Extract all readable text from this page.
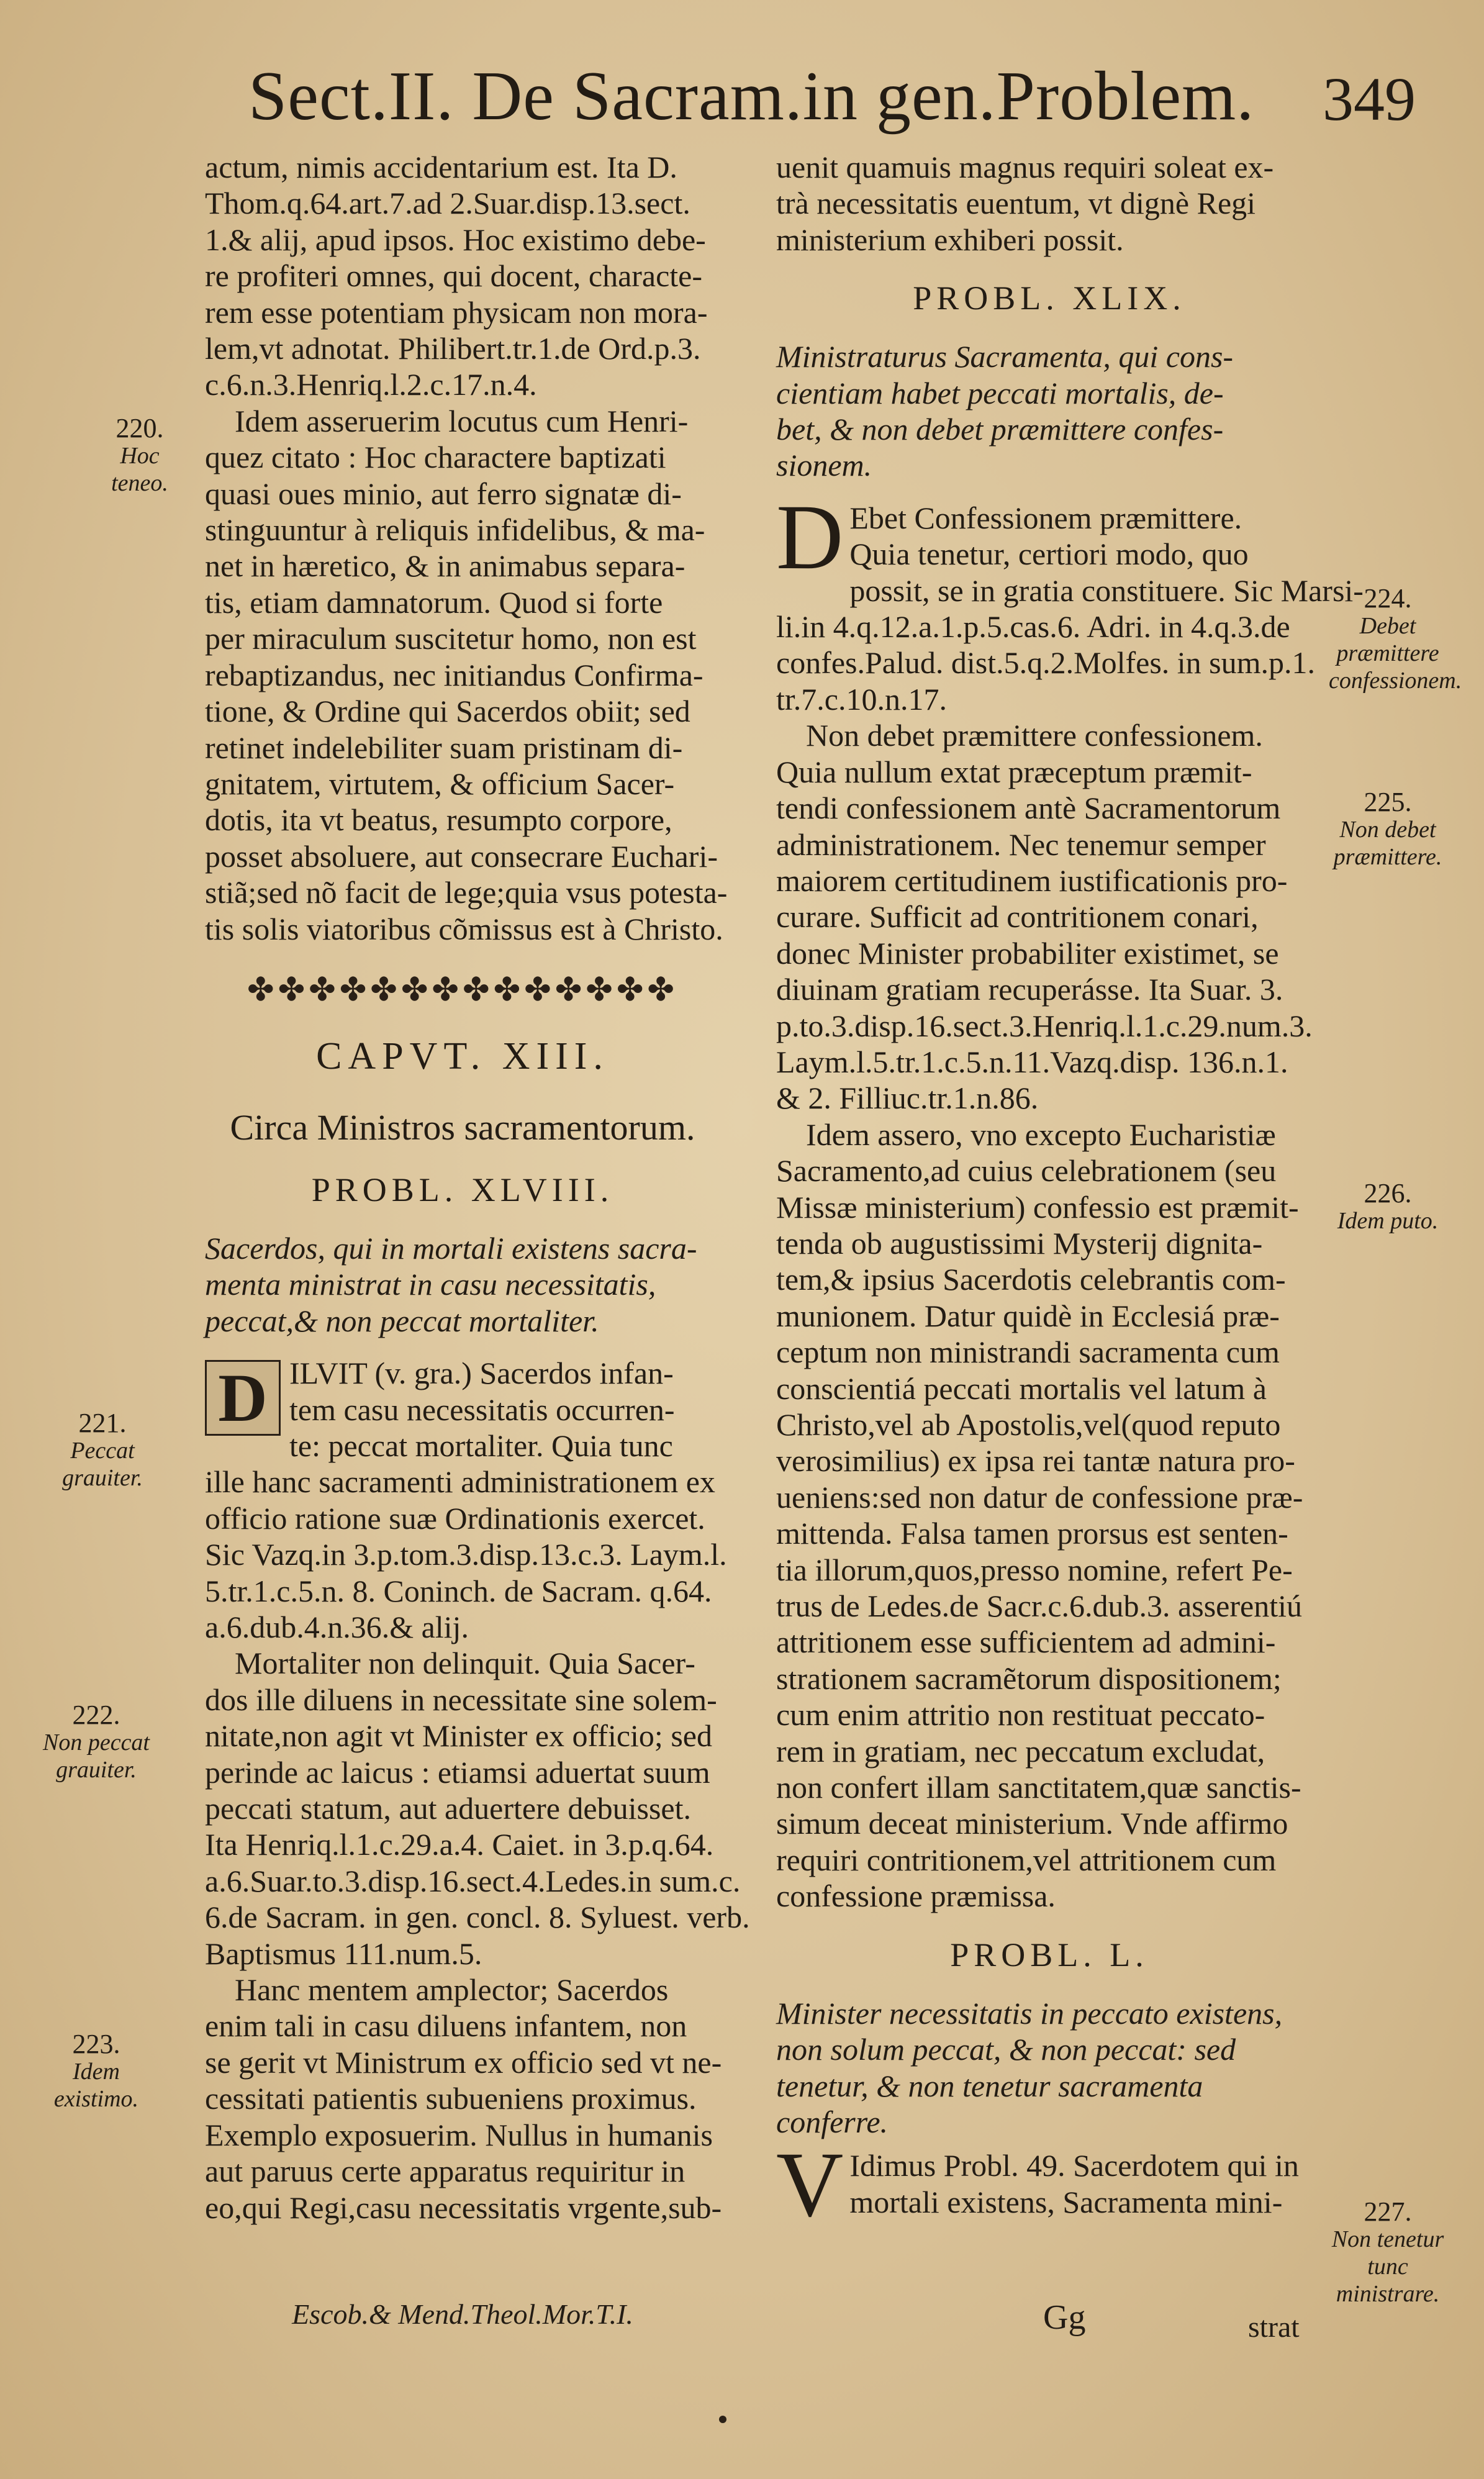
Sect.II. De Sacram.in gen.Problem. 349

actum, nimis accidentarium est. Ita D.

Thom.q.64.art.7.ad 2.Suar.disp.13.sect.

1.& alij, apud ipsos. Hoc existimo debe-

re profiteri omnes, qui docent, characte-

rem esse potentiam physicam non mora-

lem,vt adnotat. Philibert.tr.1.de Ord.p.3.

c.6.n.3.Henriq.l.2.c.17.n.4.

Idem asseruerim locutus cum Henri-

quez citato : Hoc charactere baptizati

quasi oues minio, aut ferro signatæ di-

stinguuntur à reliquis infidelibus, & ma-

net in hæretico, & in animabus separa-

tis, etiam damnatorum. Quod si forte

per miraculum suscitetur homo, non est

rebaptizandus, nec initiandus Confirma-

tione, & Ordine qui Sacerdos obiit; sed

retinet indelebiliter suam pristinam di-

gnitatem, virtutem, & officium Sacer-

dotis, ita vt beatus, resumpto corpore,

posset absoluere, aut consecrare Euchari-

stiã;sed nõ facit de lege;quia vsus potesta-

tis solis viatoribus cõmissus est à Christo.

✤✤✤✤✤✤✤✤✤✤✤✤✤✤
CAPVT. XIII.
Circa Ministros sacramentorum.
PROBL. XLVIII.

Sacerdos, qui in mortali existens sacra-

menta ministrat in casu necessitatis,

peccat,& non peccat mortaliter.

D ILVIT (v. gra.) Sacerdos infan-

tem casu necessitatis occurren-

te: peccat mortaliter. Quia tunc

ille hanc sacramenti administrationem ex

officio ratione suæ Ordinationis exercet.

Sic Vazq.in 3.p.tom.3.disp.13.c.3. Laym.l.

5.tr.1.c.5.n. 8. Coninch. de Sacram. q.64.

a.6.dub.4.n.36.& alij.

Mortaliter non delinquit. Quia Sacer-

dos ille diluens in necessitate sine solem-

nitate,non agit vt Minister ex officio; sed

perinde ac laicus : etiamsi aduertat suum

peccati statum, aut aduertere debuisset.

Ita Henriq.l.1.c.29.a.4. Caiet. in 3.p.q.64.

a.6.Suar.to.3.disp.16.sect.4.Ledes.in sum.c.

6.de Sacram. in gen. concl. 8. Syluest. verb.

Baptismus 111.num.5.

Hanc mentem amplector; Sacerdos

enim tali in casu diluens infantem, non

se gerit vt Ministrum ex officio sed vt ne-

cessitati patientis subueniens proximus.

Exemplo exposuerim. Nullus in humanis

aut paruus certe apparatus requiritur in

eo,qui Regi,casu necessitatis vrgente,sub-

uenit quamuis magnus requiri soleat ex-

trà necessitatis euentum, vt dignè Regi

ministerium exhiberi possit.

PROBL. XLIX.

Ministraturus Sacramenta, qui cons-

cientiam habet peccati mortalis, de-

bet, & non debet præmittere confes-

sionem.

D Ebet Confessionem præmittere.

Quia tenetur, certiori modo, quo

possit, se in gratia constituere. Sic Marsi-

li.in 4.q.12.a.1.p.5.cas.6. Adri. in 4.q.3.de

confes.Palud. dist.5.q.2.Molfes. in sum.p.1.

tr.7.c.10.n.17.

Non debet præmittere confessionem.

Quia nullum extat præceptum præmit-

tendi confessionem antè Sacramentorum

administrationem. Nec tenemur semper

maiorem certitudinem iustificationis pro-

curare. Sufficit ad contritionem conari,

donec Minister probabiliter existimet, se

diuinam gratiam recuperásse. Ita Suar. 3.

p.to.3.disp.16.sect.3.Henriq.l.1.c.29.num.3.

Laym.l.5.tr.1.c.5.n.11.Vazq.disp. 136.n.1.

& 2. Filliuc.tr.1.n.86.

Idem assero, vno excepto Eucharistiæ

Sacramento,ad cuius celebrationem (seu

Missæ ministerium) confessio est præmit-

tenda ob augustissimi Mysterij dignita-

tem,& ipsius Sacerdotis celebrantis com-

munionem. Datur quidè in Ecclesiá præ-

ceptum non ministrandi sacramenta cum

conscientiá peccati mortalis vel latum à

Christo,vel ab Apostolis,vel(quod reputo

verosimilius) ex ipsa rei tantæ natura pro-

ueniens:sed non datur de confessione præ-

mittenda. Falsa tamen prorsus est senten-

tia illorum,quos,presso nomine, refert Pe-

trus de Ledes.de Sacr.c.6.dub.3. asserentiú

attritionem esse sufficientem ad admini-

strationem sacramẽtorum dispositionem;

cum enim attritio non restituat peccato-

rem in gratiam, nec peccatum excludat,

non confert illam sanctitatem,quæ sanctis-

simum deceat ministerium. Vnde affirmo

requiri contritionem,vel attritionem cum

confessione præmissa.

PROBL. L.

Minister necessitatis in peccato existens,

non solum peccat, & non peccat: sed

tenetur, & non tenetur sacramenta

conferre.

V Idimus Probl. 49. Sacerdotem qui in

mortali existens, Sacramenta mini-

220.
Hoc teneo.
221.
Peccat grauiter.
222.
Non peccat grauiter.
223.
Idem existimo.
224.
Debet præmittere confessionem.
225.
Non debet præmittere.
226.
Idem puto.
227.
Non tenetur tunc ministrare.
Escob.& Mend.Theol.Mor.T.I.	Gg	strat
